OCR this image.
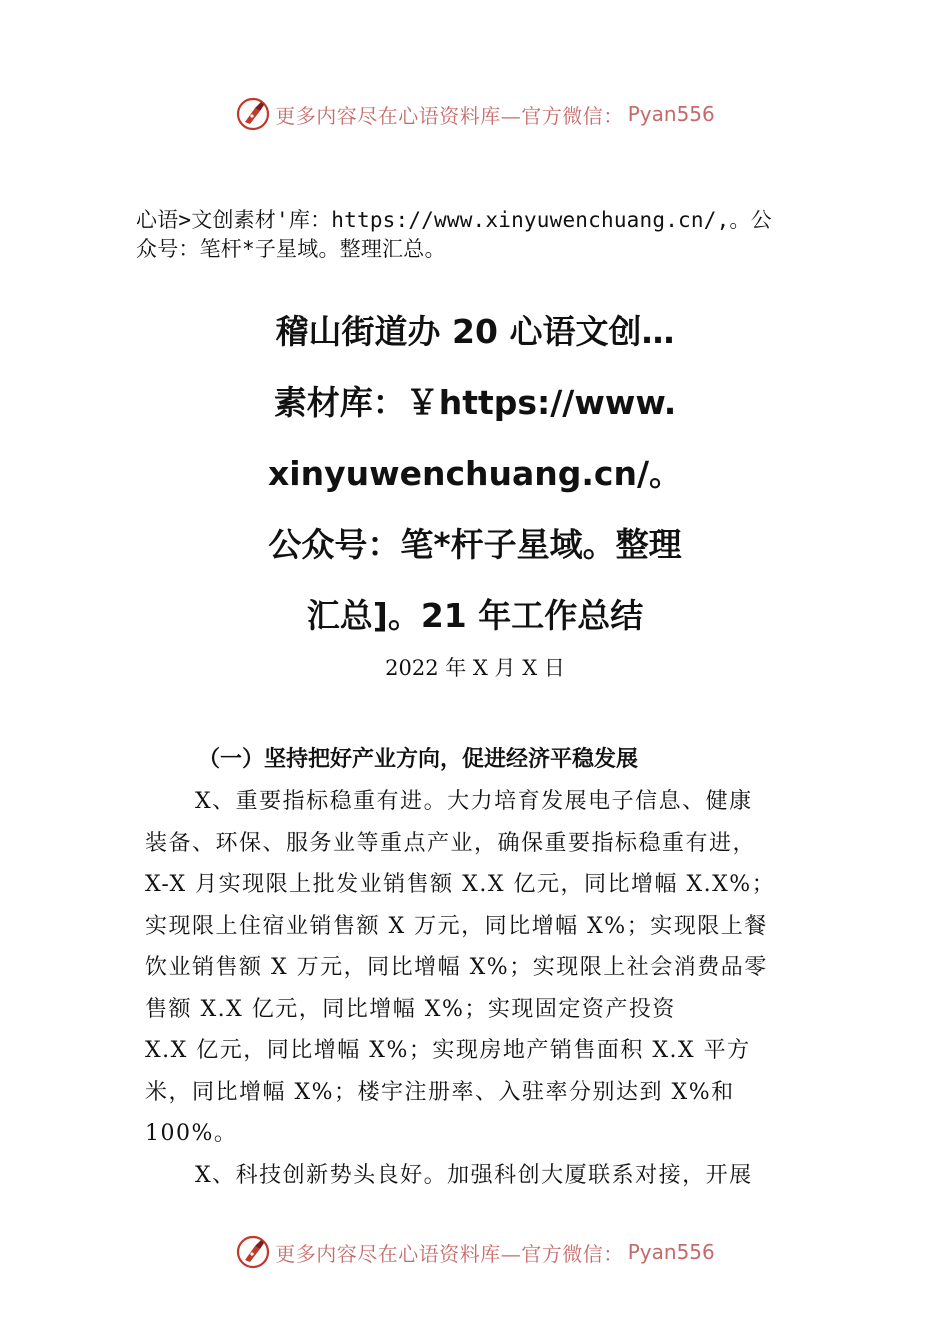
更多内容尽在心语资料库—官方微信： Pyan556
心语>文创素材'库：https://www.xinyuwenchuang.cn/,。公
众号：笔杆*子星域。整理汇总。
稽山街道办 20 心语文创…
素材库：￥https://www.
xinyuwenchuang.cn/。
公众号：笔*杆子星域。整理
汇总]。21 年工作总结
2022 年 X 月 X 日
（一）坚持把好产业方向，促进经济平稳发展

X、重要指标稳重有进。大力培育发展电子信息、健康
装备、环保、服务业等重点产业，确保重要指标稳重有进，
X-X 月实现限上批发业销售额 X.X 亿元，同比增幅 X.X%；
实现限上住宿业销售额 X 万元，同比增幅 X%；实现限上餐
饮业销售额 X 万元，同比增幅 X%；实现限上社会消费品零
售额 X.X 亿元，同比增幅 X%；实现固定资产投资
X.X 亿元，同比增幅 X%；实现房地产销售面积 X.X 平方
米，同比增幅 X%；楼宇注册率、入驻率分别达到 X%和
100%。

X、科技创新势头良好。加强科创大厦联系对接，开展

更多内容尽在心语资料库—官方微信： Pyan556
